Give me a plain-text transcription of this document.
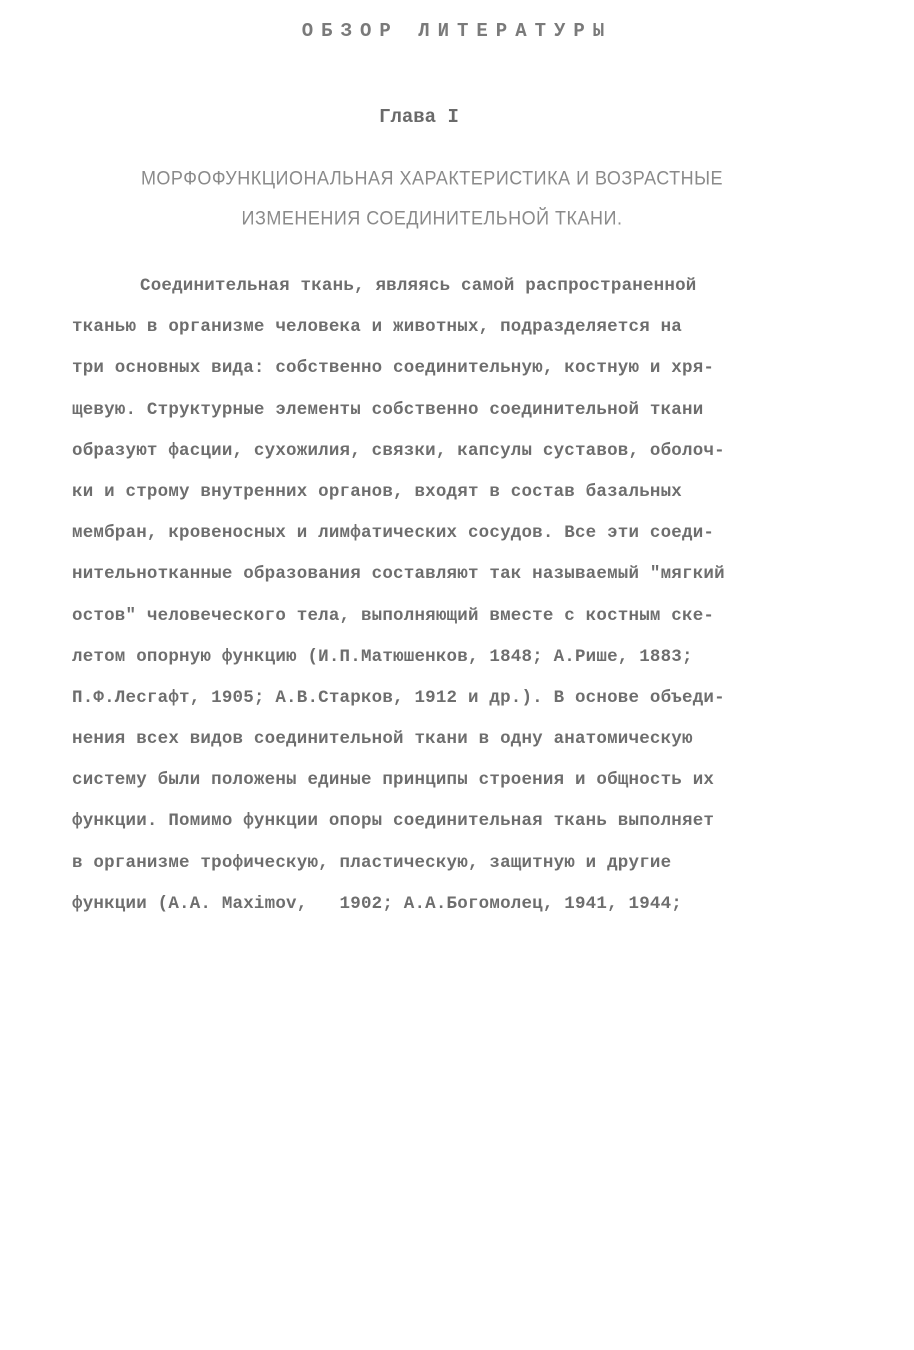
ОБЗОР ЛИТЕРАТУРЫ
Глава I
МОРФОФУНКЦИОНАЛЬНАЯ ХАРАКТЕРИСТИКА И ВОЗРАСТНЫЕ
ИЗМЕНЕНИЯ СОЕДИНИТЕЛЬНОЙ ТКАНИ.
Соединительная ткань, являясь самой распространенной
тканью в организме человека и животных, подразделяется на
три основных вида: собственно соединительную, костную и хря-
щевую. Структурные элементы собственно соединительной ткани
образуют фасции, сухожилия, связки, капсулы суставов, оболоч-
ки и строму внутренних органов, входят в состав базальных
мембран, кровеносных и лимфатических сосудов. Все эти соеди-
нительнотканные образования составляют так называемый "мягкий
остов" человеческого тела, выполняющий вместе с костным ске-
летом опорную функцию (И.П.Матюшенков, 1848; А.Рише, 1883;
П.Ф.Лесгафт, 1905; А.В.Старков, 1912 и др.). В основе объеди-
нения всех видов соединительной ткани в одну анатомическую
систему были положены единые принципы строения и общность их
функции. Помимо функции опоры соединительная ткань выполняет
в организме трофическую, пластическую, защитную и другие
функции (А.А. Maximov,   1902; А.А.Богомолец, 1941, 1944;
